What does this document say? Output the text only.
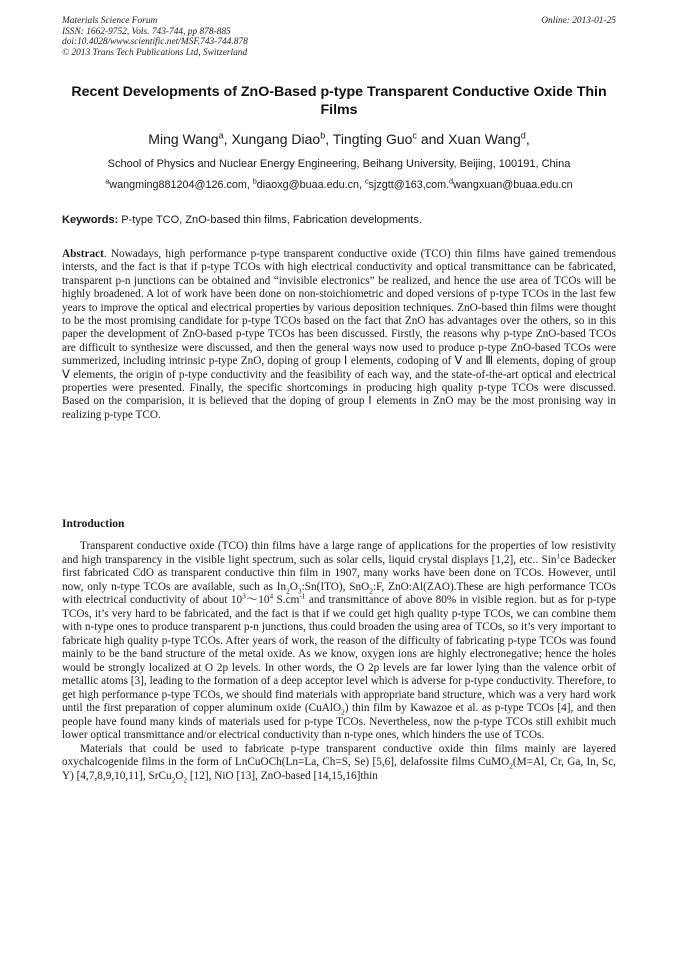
Materials Science Forum
ISSN: 1662-9752, Vols. 743-744, pp 878-885
doi:10.4028/www.scientific.net/MSF.743-744.878
© 2013 Trans Tech Publications Ltd, Switzerland
Online: 2013-01-25
Recent Developments of ZnO-Based p-type Transparent Conductive Oxide Thin Films
Ming Wang$^a$, Xungang Diao$^b$, Tingting Guo$^c$ and Xuan Wang$^d$,
School of Physics and Nuclear Energy Engineering, Beihang University, Beijing, 100191, China
$^a$wangming881204@126.com, $^b$diaoxg@buaa.edu.cn, $^c$sjzgtt@163,com.$^d$wangxuan@buaa.edu.cn
Keywords: P-type TCO, ZnO-based thin films, Fabrication developments.
Abstract. Nowadays, high performance p-type transparent conductive oxide (TCO) thin films have gained tremendous intersts, and the fact is that if p-type TCOs with high electrical conductivity and optical transmittance can be fabricated, transparent p-n junctions can be obtained and “invisible electronics” be realized, and hence the use area of TCOs will be highly broadened. A lot of work have been done on non-stoichiometric and doped versions of p-type TCOs in the last few years to improve the optical and electrical properties by various deposition techniques. ZnO-based thin films were thought to be the most promising candidate for p-type TCOs based on the fact that ZnO has advantages over the others, so in this paper the development of ZnO-based p-type TCOs has been discussed. Firstly, the reasons why p-type ZnO-based TCOs are difficult to synthesize were discussed, and then the general ways now used to produce p-type ZnO-based TCOs were summerized, including intrinsic p-type ZnO, doping of group Ⅰ elements, codoping of Ⅴ and Ⅲ elements, doping of group Ⅴ elements, the origin of p-type conductivity and the feasibility of each way, and the state-of-the-art optical and electrical properties were presented. Finally, the specific shortcomings in producing high quality p-type TCOs were discussed. Based on the comparision, it is believed that the doping of group Ⅰ elements in ZnO may be the most pronising way in realizing p-type TCO.
Introduction

Transparent conductive oxide (TCO) thin films have a large range of applications for the properties of low resistivity and high transparency in the visible light spectrum, such as solar cells, liquid crystal displays [1,2], etc.. Sin$^1$ce Badecker first fabricated CdO as transparent conductive thin film in 1907, many works have been done on TCOs. However, until now, only n-type TCOs are available, such as $In_2O_3:Sn(ITO)$, SnO$_2$:F, ZnO:Al(ZAO).These are high performance TCOs with electrical conductivity of about $10^3\sim 10^4$ $S.cm^{-1}$ and transmittance of above 80% in visible region. but as for p-type TCOs, it’s very hard to be fabricated, and the fact is that if we could get high quality p-type TCOs, we can combine them with n-type ones to produce transparent p-n junctions, thus could broaden the using area of TCOs, so it’s very important to fabricate high quality p-type TCOs. After years of work, the reason of the difficulty of fabricating p-type TCOs was found mainly to be the band structure of the metal oxide. As we know, oxygen ions are highly electronegative; hence the holes would be strongly localized at O 2p levels. In other words, the O 2p levels are far lower lying than the valence orbit of metallic atoms [3], leading to the formation of a deep acceptor level which is adverse for p-type conductivity. Therefore, to get high performance p-type TCOs, we should find materials with appropriate band structure, which was a very hard work until the first preparation of copper aluminum oxide (CuAlO$_2$) thin film by Kawazoe et al. as p-type TCOs [4], and then people have found many kinds of materials used for p-type TCOs. Nevertheless, now the p-type TCOs still exhibit much lower optical transmittance and/or electrical conductivity than n-type ones, which hinders the use of TCOs.

Materials that could be used to fabricate p-type transparent conductive oxide thin films mainly are layered oxychalcogenide films in the form of LnCuOCh(Ln=La, Ch=S, Se) [5,6], delafossite films CuMO$_2$(M=Al, Cr, Ga, In, Sc, Y) [4,7,8,9,10,11], $SrCu_2O_2$ [12], NiO [13], ZnO-based [14,15,16]thin
